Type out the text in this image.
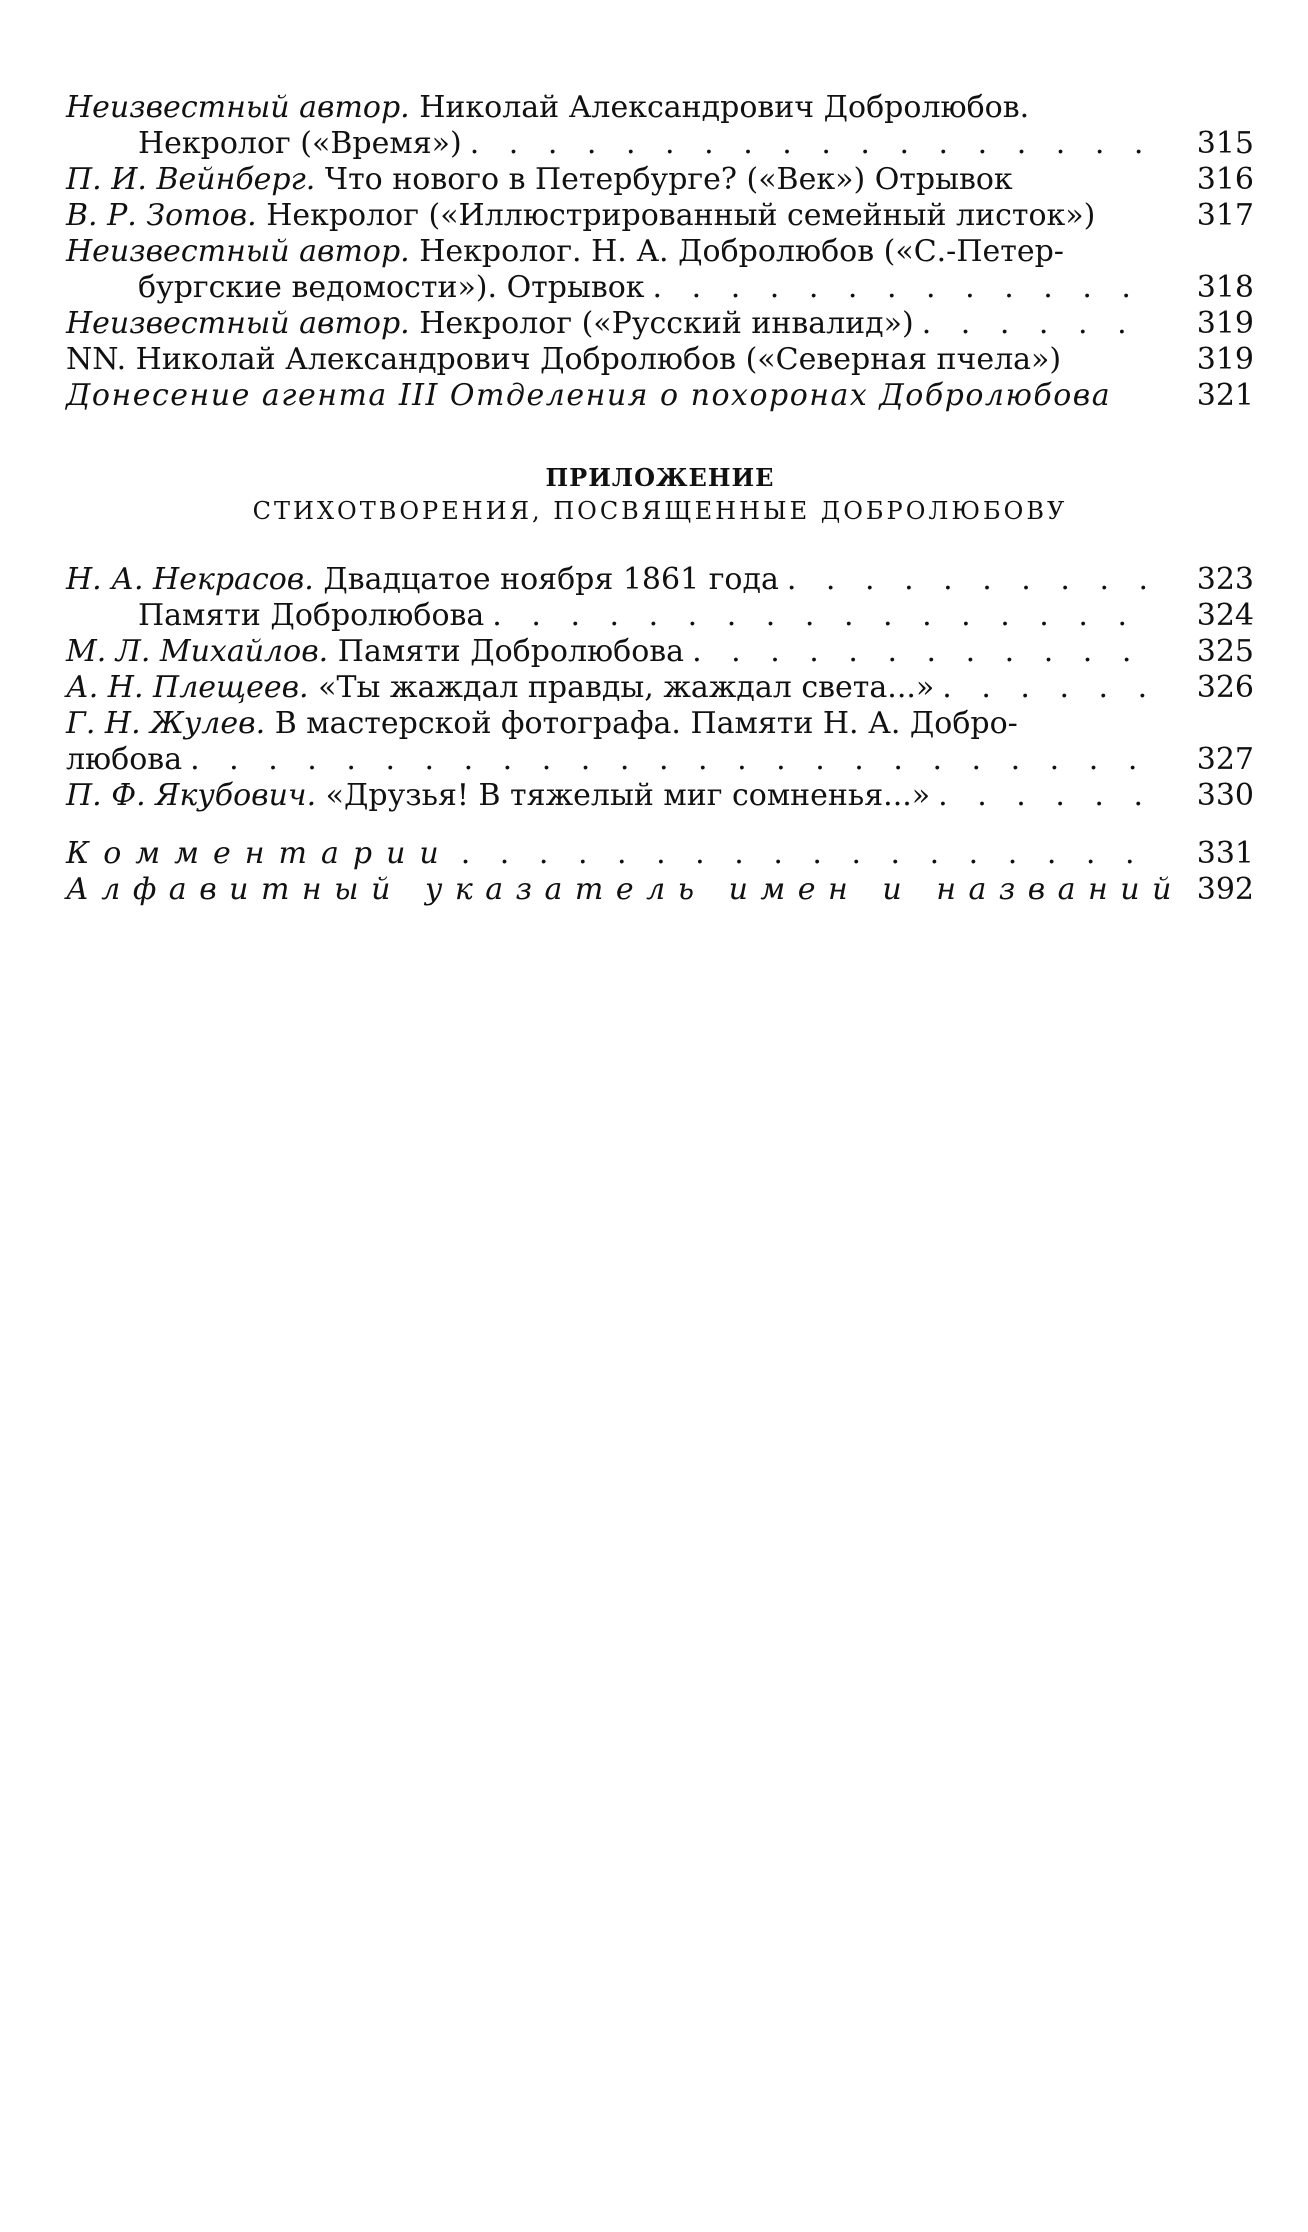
Неизвестный автор.
Николай Александрович Добролюбов.
Некролог («Время») . . .	315
П. И. Вейнберг.
Что нового в Петербурге? («Век») Отрывок	316
В. Р. Зотов.
Некролог («Иллюстрированный семейный листок»)	317
Неизвестный автор.
Некролог. Н. А. Добролюбов («С.-Петер-
бургские ведомости»). Отрывок . . .	318
Неизвестный автор.
Некролог («Русский инвалид») . . .	319
NN.
Николай Александрович Добролюбов («Северная пчела»)	319
Донесение агента III Отделения о похоронах Добролюбова	321
ПРИЛОЖЕНИЕ
СТИХОТВОРЕНИЯ, ПОСВЯЩЕННЫЕ ДОБРОЛЮБОВУ
Н. А. Некрасов.
Двадцатое ноября 1861 года . . .	323
Памяти Добролюбова . . .	324
М. Л. Михайлов.
Памяти Добролюбова . . .	325
А. Н. Плещеев.
«Ты жаждал правды, жаждал света...» . . .	326
Г. Н. Жулев.
В мастерской фотографа. Памяти Н. А. Добро-
любова . . .	327
П. Ф. Якубович.
«Друзья! В тяжелый миг сомненья...» . . .	330
Комментарии . . .	331
Алфавитный указатель имен и названий 392
